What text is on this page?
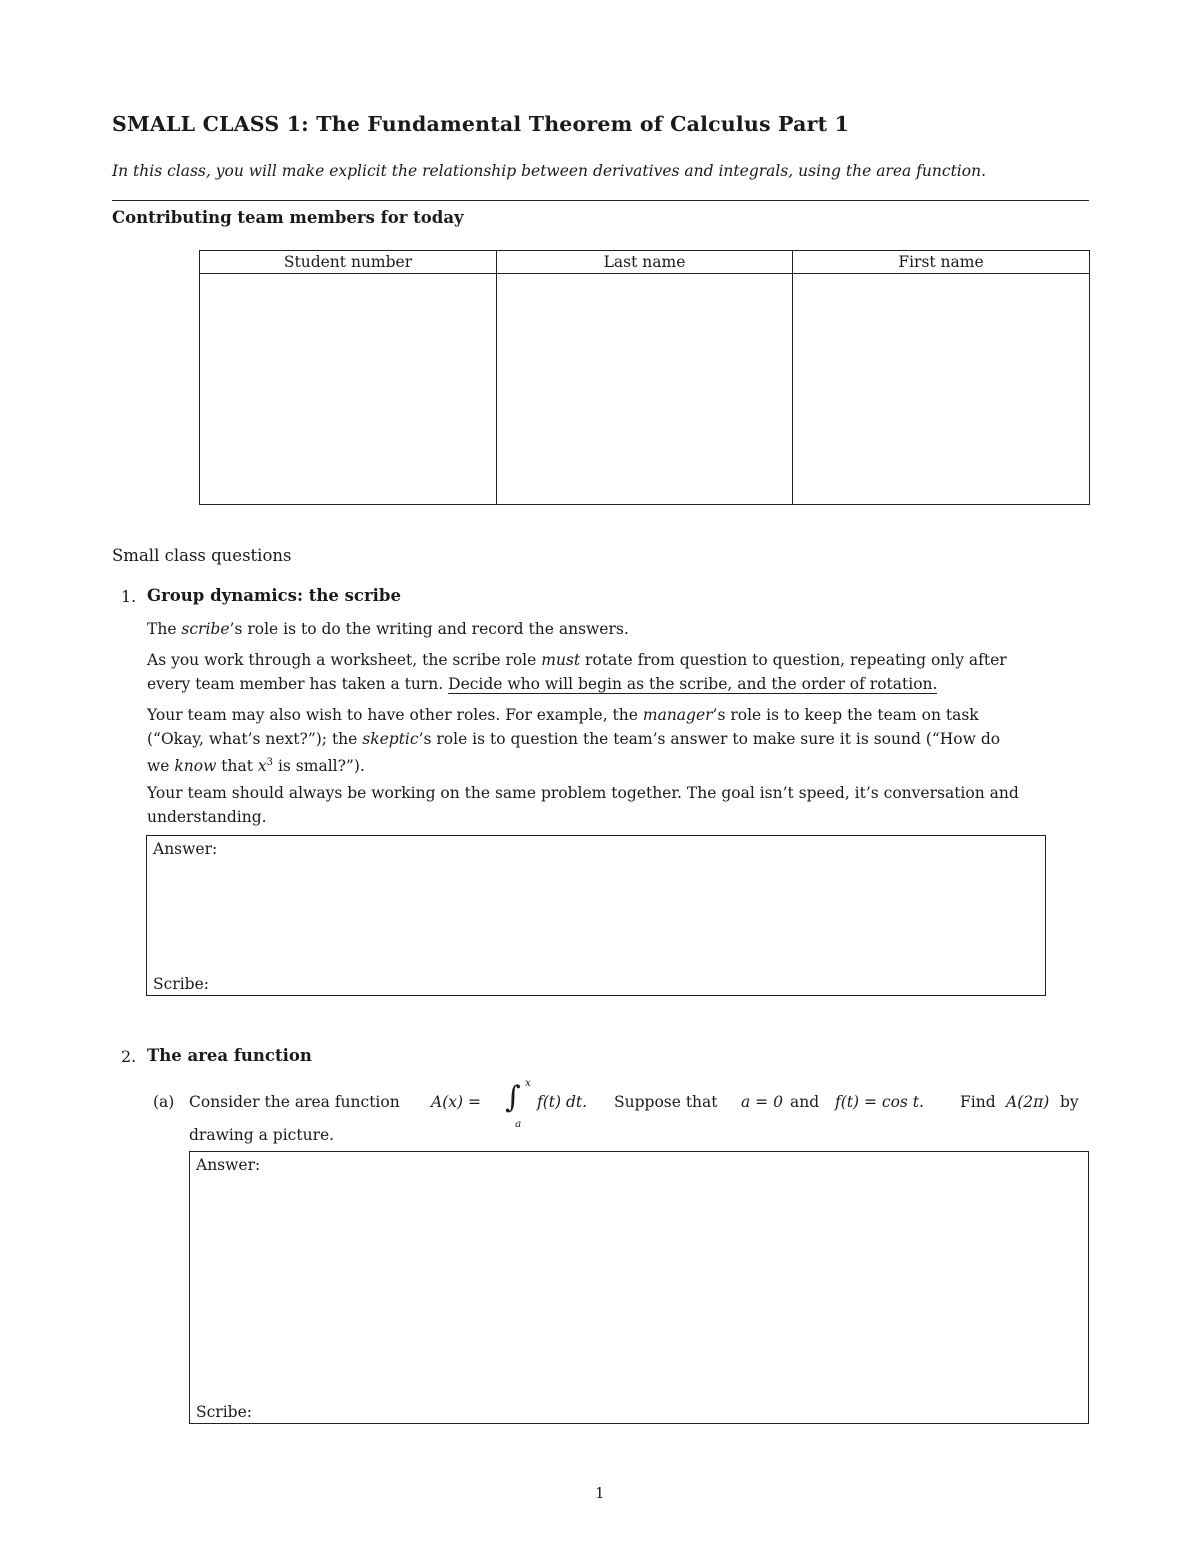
SMALL CLASS 1: The Fundamental Theorem of Calculus Part 1
In this class, you will make explicit the relationship between derivatives and integrals, using the area function.
Contributing team members for today
Student number	Last name	First name

Small class questions
1. Group dynamics: the scribe
The scribe’s role is to do the writing and record the answers.
As you work through a worksheet, the scribe role must rotate from question to question, repeating only after
every team member has taken a turn. Decide who will begin as the scribe, and the order of rotation.
Your team may also wish to have other roles. For example, the manager’s role is to keep the team on task
(“Okay, what’s next?”); the skeptic’s role is to question the team’s answer to make sure it is sound (“How do
we know that $x^3$ is small?”).
Your team should always be working on the same problem together. The goal isn’t speed, it’s conversation and
understanding.
Answer:
Scribe:
2. The area function
(a) Consider the area function A(x) = ∫ x
a
f(t) dt. Suppose that a = 0 and f(t) = cos t. Find A(2π) by
drawing a picture.
Answer:
Scribe:
1
